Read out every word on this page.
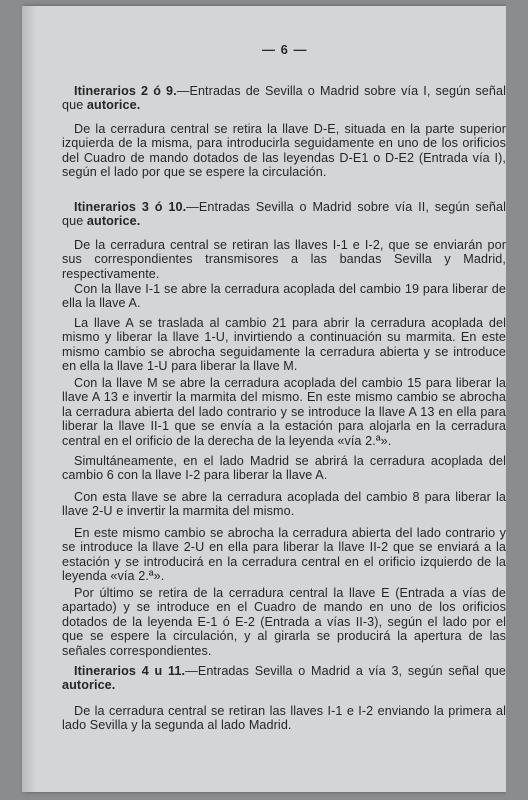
— 6 —

Itinerarios 2 ó 9.—Entradas de Sevilla o Madrid sobre vía I, según señal que autorice.

De la cerradura central se retira la llave D-E, situada en la parte superior izquierda de la misma, para introducirla seguidamente en uno de los orificios del Cuadro de mando dotados de las leyendas D-E1 o D-E2 (Entrada vía I), según el lado por que se espere la circulación.

Itinerarios 3 ó 10.—Entradas Sevilla o Madrid sobre vía II, según señal que autorice.

De la cerradura central se retiran las llaves I-1 e I-2, que se enviarán por sus correspondientes transmisores a las bandas Sevilla y Madrid, respectivamente.

Con la llave I-1 se abre la cerradura acoplada del cambio 19 para liberar de ella la llave A.

La llave A se traslada al cambio 21 para abrir la cerradura acoplada del mismo y liberar la llave 1-U, invirtiendo a continuación su marmita. En este mismo cambio se abrocha seguidamente la cerradura abierta y se introduce en ella la llave 1-U para liberar la llave M.

Con la llave M se abre la cerradura acoplada del cambio 15 para liberar la llave A 13 e invertir la marmita del mismo. En este mismo cambio se abrocha la cerradura abierta del lado contrario y se introduce la llave A 13 en ella para liberar la llave II-1 que se envía a la estación para alojarla en la cerradura central en el orificio de la derecha de la leyenda «vía 2.ª».

Simultáneamente, en el lado Madrid se abrirá la cerradura acoplada del cambio 6 con la llave I-2 para liberar la llave A.

Con esta llave se abre la cerradura acoplada del cambio 8 para liberar la llave 2-U e invertir la marmita del mismo.

En este mismo cambio se abrocha la cerradura abierta del lado contrario y se introduce la llave 2-U en ella para liberar la llave II-2 que se enviará a la estación y se introducirá en la cerradura central en el orificio izquierdo de la leyenda «vía 2.ª».

Por último se retira de la cerradura central la llave E (Entrada a vías de apartado) y se introduce en el Cuadro de mando en uno de los orificios dotados de la leyenda E-1 ó E-2 (Entrada a vías II-3), según el lado por el que se espere la circulación, y al girarla se producirá la apertura de las señales correspondientes.

Itinerarios 4 u 11.—Entradas Sevilla o Madrid a vía 3, según señal que autorice.

De la cerradura central se retiran las llaves I-1 e I-2 enviando la primera al lado Sevilla y la segunda al lado Madrid.
